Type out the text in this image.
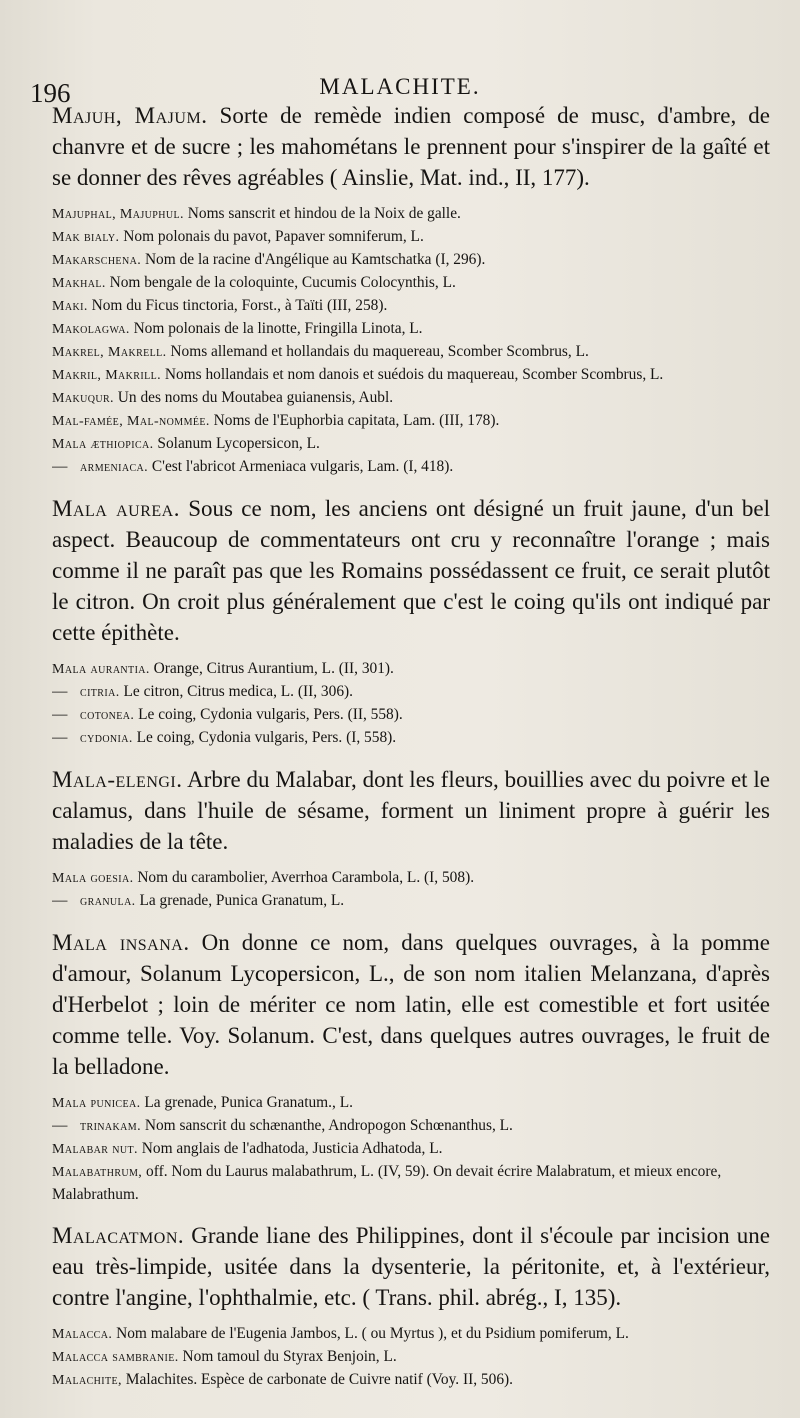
196	MALACHITE.

Majuh, Majum. Sorte de remède indien composé de musc, d'ambre, de chanvre et de sucre ; les mahométans le prennent pour s'inspirer de la gaîté et se donner des rêves agréables ( Ainslie, Mat. ind., II, 177).

Majuphal, Majuphul. Noms sanscrit et hindou de la Noix de galle.

Mak bialy. Nom polonais du pavot, Papaver somniferum, L.

Makarschena. Nom de la racine d'Angélique au Kamtschatka (I, 296).

Makhal. Nom bengale de la coloquinte, Cucumis Colocynthis, L.

Maki. Nom du Ficus tinctoria, Forst., à Taïti (III, 258).

Makolagwa. Nom polonais de la linotte, Fringilla Linota, L.

Makrel, Makrell. Noms allemand et hollandais du maquereau, Scomber Scombrus, L.

Makril, Makrill. Noms hollandais et nom danois et suédois du maquereau, Scomber Scombrus, L.

Makuqur. Un des noms du Moutabea guianensis, Aubl.

Mal-famée, Mal-nommée. Noms de l'Euphorbia capitata, Lam. (III, 178).

Mala æthiopica. Solanum Lycopersicon, L.

— armeniaca. C'est l'abricot Armeniaca vulgaris, Lam. (I, 418).

Mala aurea. Sous ce nom, les anciens ont désigné un fruit jaune, d'un bel aspect. Beaucoup de commentateurs ont cru y reconnaître l'orange ; mais comme il ne paraît pas que les Romains possédassent ce fruit, ce serait plutôt le citron. On croit plus généralement que c'est le coing qu'ils ont indiqué par cette épithète.

Mala aurantia. Orange, Citrus Aurantium, L. (II, 301).

— citria. Le citron, Citrus medica, L. (II, 306).

— cotonea. Le coing, Cydonia vulgaris, Pers. (II, 558).

— cydonia. Le coing, Cydonia vulgaris, Pers. (I, 558).

Mala-elengi. Arbre du Malabar, dont les fleurs, bouillies avec du poivre et le calamus, dans l'huile de sésame, forment un liniment propre à guérir les maladies de la tête.

Mala goesia. Nom du carambolier, Averrhoa Carambola, L. (I, 508).

— granula. La grenade, Punica Granatum, L.

Mala insana. On donne ce nom, dans quelques ouvrages, à la pomme d'amour, Solanum Lycopersicon, L., de son nom italien Melanzana, d'après d'Herbelot ; loin de mériter ce nom latin, elle est comestible et fort usitée comme telle. Voy. Solanum. C'est, dans quelques autres ouvrages, le fruit de la belladone.

Mala punicea. La grenade, Punica Granatum., L.

— trinakam. Nom sanscrit du schænanthe, Andropogon Schœnanthus, L.

Malabar nut. Nom anglais de l'adhatoda, Justicia Adhatoda, L.

Malabathrum, off. Nom du Laurus malabathrum, L. (IV, 59). On devait écrire Malabratum, et mieux encore, Malabrathum.

Malacatmon. Grande liane des Philippines, dont il s'écoule par incision une eau très-limpide, usitée dans la dysenterie, la péritonite, et, à l'extérieur, contre l'angine, l'ophthalmie, etc. ( Trans. phil. abrég., I, 135).

Malacca. Nom malabare de l'Eugenia Jambos, L. ( ou Myrtus ), et du Psidium pomiferum, L.

Malacca sambranie. Nom tamoul du Styrax Benjoin, L.

Malachite, Malachites. Espèce de carbonate de Cuivre natif (Voy. II, 506).
